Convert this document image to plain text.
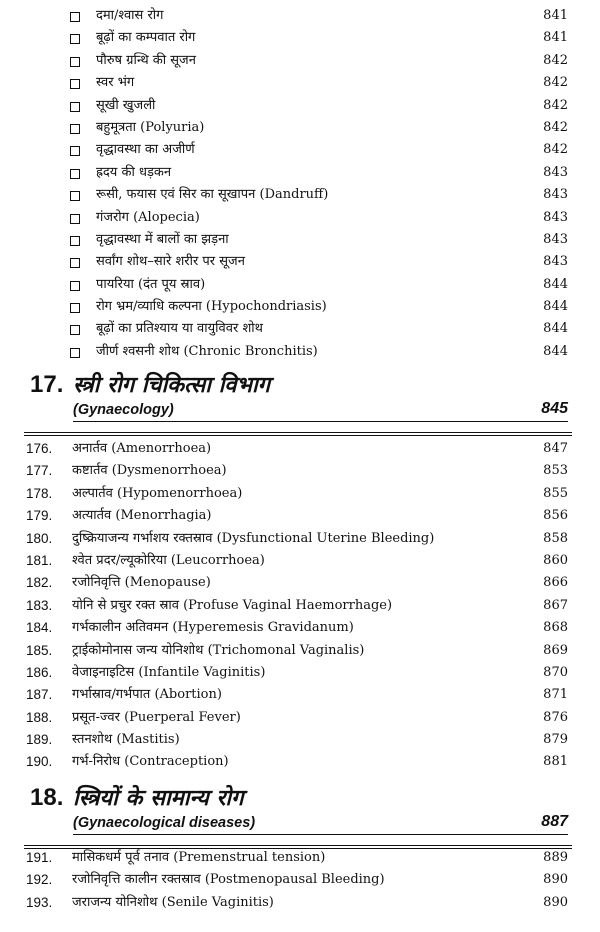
दमा/श्वास रोग	841
बूढ़ों का कम्पवात रोग	841
पौरुष ग्रन्थि की सूजन	842
स्वर भंग	842
सूखी खुजली	842
बहुमूत्रता (Polyuria)	842
वृद्धावस्था का अजीर्ण	842
ह्रदय की धड़कन	843
रूसी, फयास एवं सिर का सूखापन (Dandruff)	843
गंजरोग (Alopecia)	843
वृद्धावस्था में बालों का झड़ना	843
सर्वांग शोथ–सारे शरीर पर सूजन	843
पायरिया (दंत पूय स्राव)	844
रोग भ्रम/व्याधि कल्पना (Hypochondriasis)	844
बूढ़ों का प्रतिश्याय या वायुविवर शोथ	844
जीर्ण श्वसनी शोथ (Chronic Bronchitis)	844
17. स्त्री रोग चिकित्सा विभाग
(Gynaecology)	845
176. अनार्तव (Amenorrhoea)	847
177. कष्टार्तव (Dysmenorrhoea)	853
178. अल्पार्तव (Hypomenorrhoea)	855
179. अत्यार्तव (Menorrhagia)	856
180. दुष्क्रियाजन्य गर्भाशय रक्तस्राव (Dysfunctional Uterine Bleeding)	858
181. श्वेत प्रदर/ल्यूकोरिया (Leucorrhoea)	860
182. रजोनिवृत्ति (Menopause)	866
183. योनि से प्रचुर रक्त स्राव (Profuse Vaginal Haemorrhage)	867
184. गर्भकालीन अतिवमन (Hyperemesis Gravidanum)	868
185. ट्राईकोमोनास जन्य योनिशोथ (Trichomonal Vaginalis)	869
186. वेजाइनाइटिस (Infantile Vaginitis)	870
187. गर्भास्राव/गर्भपात (Abortion)	871
188. प्रसूत-ज्वर (Puerperal Fever)	876
189. स्तनशोथ (Mastitis)	879
190. गर्भ-निरोध (Contraception)	881
18. स्त्रियों के सामान्य रोग
(Gynaecological diseases)	887
191. मासिकधर्म पूर्व तनाव (Premenstrual tension)	889
192. रजोनिवृत्ति कालीन रक्तस्राव (Postmenopausal Bleeding)	890
193. जराजन्य योनिशोथ (Senile Vaginitis)	890
